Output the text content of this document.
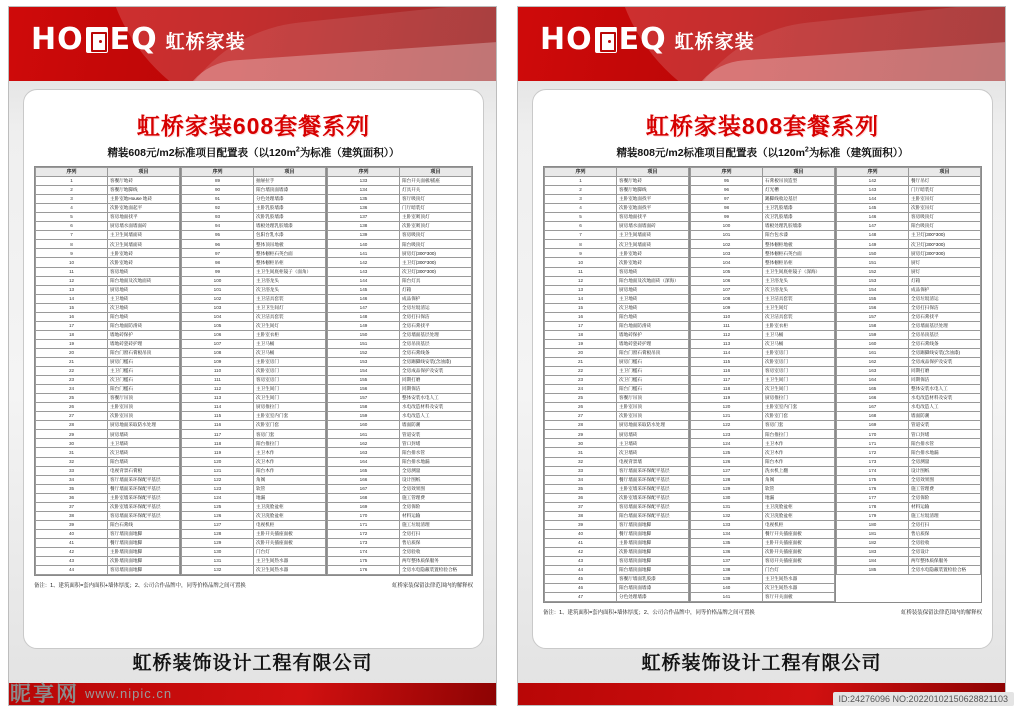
HO EQ 虹桥家装
虹桥家装608套餐系列
精装608元/m2标准项目配置表（以$120m^2$为标准（建筑面积））
序列	项目
1	客餐厅地砖
2	客餐厅地脚线
3	主卧室地House 地砖
4	次卧室地面起平
5	客房地面找平
6	厨房墙水面墙面砖
7	主卫生间墙面砖
8	次卫生间墙面砖
9	主卧室地砖
10	次卧室地砖
11	客房地砖
12	阳台地面及次地面砖
13	厨房地砖
14	主卫地砖
15	次卫地砖
16	阳台地砖
17	阳台地面防滑砖
18	墙地砖保护
19	墙地砖瓷砖护理
20	阳台门窗石膏板吊顶
21	厨房门槛石
22	主卫门槛石
23	次卫门槛石
24	阳台门槛石
25	客餐厅吊顶
26	主卧室吊顶
27	次卧室吊顶
28	厨房地面采取防水处理
29	厨房墙砖
30	主卫墙砖
31	次卫墙砖
32	阳台墙砖
33	电视背景石膏板
34	客厅墙面采环保配平基层
35	餐厅墙面采环保配平基层
36	主卧室墙采环保配平基层
37	次卧室墙采环保配平基层
38	客房墙面采环保配平基层
39	阳台石膏线
40	客厅墙顶面地脚
41	餐厅墙顶面地脚
42	主卧墙顶面地脚
43	次卧墙顶面地脚
44	客房墙顶面地脚
序列	项目
89	抽屉拉手
90	阳台墙顶面墙漆
91	分色处理墙漆
92	主卧乳胶墙漆
93	次卧乳胶墙漆
94	墙板处理乳胶墙漆
95	包阳台乳水漆
96	整体顶吊地板
97	整体橱柜石英台面
98	整体橱柜吊柜
99	主卫生间底柜镜子（面角）
100	主卫浴龙头
101	次卫浴龙头
102	主卫洁具套装
103	主卫卫生间灯
104	次卫洁具套装
105	次卫生间灯
106	主卧室衣柜
107	主卫马桶
108	次卫马桶
109	主卧室房门
110	次卧室房门
111	客房室房门
112	主卫生间门
113	次卫生间门
114	厨房推拉门
115	主卧室室内门套
116	次卧室门套
117	客房门套
118	阳台推拉门
119	主卫木作
120	次卫木作
121	阳台木作
122	角阀
123	软管
124	地漏
125	主卫洗脸盆柜
126	次卫洗脸盆柜
127	电视机柜
128	主卧开关插座面板
129	次卧开关插座面板
130	门台灯
131	主卫生间热水器
132	次卫生间热水器
序列	项目
133	阳台开关面板/插座
134	灯具开关
135	客厅吸顶灯
136	门厅暗装灯
137	主卧室吸顶灯
138	次卧室吸顶灯
139	客房吸顶灯
140	阳台吸顶灯
141	厨房灯(300*300)
142	主卫灯(300*300)
143	次卫灯(300*300)
144	阳台灯具
145	灯箱
146	成品保护
147	全房垃圾清运
148	全房打扫保洁
149	全房石膏找平
150	全房墙面基层处理
151	全房吊顶基层
152	全房石膏线条
153	全房踢脚线安装(含油漆)
154	全房成品保护及安装
155	同期打磨
156	同期保洁
157	整体安装水电人工
158	水电改造材料及安装
159	水电改造人工
160	墙面防潮
161	管道安装
162	管口封堵
163	阳台排水管
164	阳台排水地漏
165	全房测量
166	设计图纸
167	全房效果图
168	施工管理费
169	全房保险
170	材料运输
171	施工垃圾清理
172	全房打扫
173	售后质保
174	全房验收
175	两年整体质保服务
176	全房水电隐蔽装置检验合格
备注：1、建筑面积=套内面积+墙体厚度；2、公司合作品牌中，同等价格品牌之间可置换	虹桥家装保留法律范围内的解释权
虹桥装饰设计工程有限公司
HO EQ 虹桥家装
虹桥家装808套餐系列
精装808元/m2标准项目配置表（以$120m^2$为标准（建筑面积））
序列	项目
1	客餐厅地砖
2	客餐厅地脚线
3	主卧室地面找平
4	次卧室地面找平
5	客房地面找平
6	厨房墙水面墙面砖
7	主卫生间墙面砖
8	次卫生间墙面砖
9	主卧室地砖
10	次卧室地砖
11	客房地砖
12	阳台地面及次地面砖（深海）
13	厨房地砖
14	主卫地砖
15	次卫地砖
16	阳台地砖
17	阳台地面防滑砖
18	墙地砖保护
19	墙地砖瓷砖护理
20	阳台门窗石膏板吊顶
21	厨房门槛石
22	主卫门槛石
23	次卫门槛石
24	阳台门槛石
25	客餐厅吊顶
26	主卧室吊顶
27	次卧室吊顶
28	厨房地面采取防水处理
29	厨房墙砖
30	主卫墙砖
31	次卫墙砖
32	电视背景墙
33	客厅墙面采环保配平基层
34	餐厅墙面采环保配平基层
35	主卧室墙采环保配平基层
36	次卧室墙采环保配平基层
37	客房墙面采环保配平基层
38	阳台墙面采环保配平基层
39	客厅墙顶面地脚
40	餐厅墙顶面地脚
41	主卧墙顶面地脚
42	次卧墙顶面地脚
43	客房墙顶面地脚
44	阳台墙顶面地脚
45	客餐厅墙面乳胶漆
46	阳台墙顶面墙漆
47	分色处理墙漆
序列	项目
95	石膏板吊顶造型
96	灯光槽
97	踢脚线收边基层
98	主卫乳胶墙漆
99	次卫乳胶墙漆
100	墙板处理乳胶墙漆
101	阳台包水漆
102	整体橱柜地板
103	整体橱柜石英台面
104	整体橱柜吊柜
105	主卫生间底柜镜子（深海）
106	主卫浴龙头
107	次卫浴龙头
108	主卫洁具套装
109	主卫生间灯
110	次卫洁具套装
111	主卧室衣柜
112	主卫马桶
113	次卫马桶
114	主卧室房门
115	次卧室房门
116	客房室房门
117	主卫生间门
118	次卫生间门
119	厨房推拉门
120	主卧室室内门套
121	次卧室门套
122	客房门套
123	阳台推拉门
124	主卫木作
125	次卫木作
126	阳台木作
127	洗衣机上翻
128	角阀
129	软管
130	地漏
131	主卫洗脸盆柜
132	次卫洗脸盆柜
133	电视机柜
134	餐厅开关插座面板
135	主卧开关插座面板
136	次卧开关插座面板
137	客房开关插座面板
138	门台灯
139	主卫生间热水器
140	次卫生间热水器
141	客厅开关面板
序列	项目
142	餐厅吊灯
143	门厅暗装灯
144	主卧室吊灯
145	次卧室吊灯
146	客房吸顶灯
147	阳台吸顶灯
148	主卫灯(300*300)
149	次卫灯(300*300)
150	厨房灯(300*300)
151	厨灯
152	厨灯
153	灯箱
154	成品保护
155	全房垃圾清运
156	全房打扫保洁
157	全房石膏找平
158	全房墙面基层处理
159	全房吊顶基层
160	全房石膏线条
161	全房踢脚线安装(含油漆)
162	全房成品保护及安装
163	同期打磨
164	同期保洁
165	整体安装水电人工
166	水电改造材料及安装
167	水电改造人工
168	墙面防潮
169	管道安装
170	管口封堵
171	阳台排水管
172	阳台排水地漏
173	全房测量
174	设计图纸
175	全房效果图
176	施工管理费
177	全房保险
178	材料运输
179	施工垃圾清理
180	全房打扫
181	售后质保
182	全房验收
183	全房设计
184	两年整体质保服务
185	全房水电隐蔽装置检验合格
备注：1、建筑面积=套内面积+墙体厚度；2、公司合作品牌中，同等价格品牌之间可置换	虹桥装装保留法律范围内的解释权
虹桥装饰设计工程有限公司
昵享网 www.nipic.cn	ID:24276096 NO:20220102150628821103
